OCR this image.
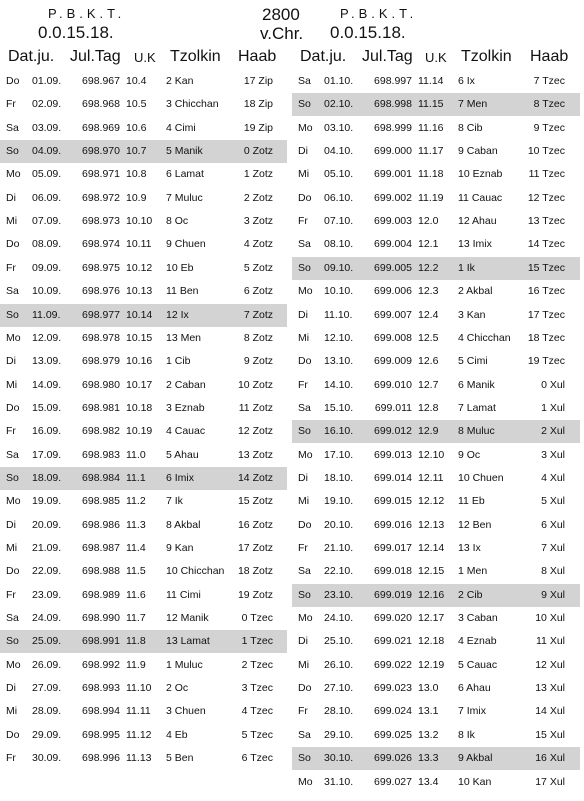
P.B.K.T.
0.0.15.18.
2800
v.Chr.
P.B.K.T.
0.0.15.18.
Dat.ju. Jul.Tag U.K Tzolkin Haab Dat.ju. Jul.Tag U.K Tzolkin Haab
Do	01.09.	698.967 10.4	2 Kan	17 Zip
Fr	02.09.	698.968 10.5	3 Chicchan	18 Zip
Sa	03.09.	698.969 10.6	4 Cimi	19 Zip
So	04.09.	698.970 10.7	5 Manik	0 Zotz
Mo	05.09.	698.971 10.8	6 Lamat	1 Zotz
Di	06.09.	698.972 10.9	7 Muluc	2 Zotz
Mi	07.09.	698.973 10.10	8 Oc	3 Zotz
Do	08.09.	698.974 10.11	9 Chuen	4 Zotz
Fr	09.09.	698.975 10.12	10 Eb	5 Zotz
Sa	10.09.	698.976 10.13	11 Ben	6 Zotz
So	11.09.	698.977 10.14	12 Ix	7 Zotz
Mo	12.09.	698.978 10.15	13 Men	8 Zotz
Di	13.09.	698.979 10.16	1 Cib	9 Zotz
Mi	14.09.	698.980 10.17	2 Caban	10 Zotz
Do	15.09.	698.981 10.18	3 Eznab	11 Zotz
Fr	16.09.	698.982 10.19	4 Cauac	12 Zotz
Sa	17.09.	698.983 11.0	5 Ahau	13 Zotz
So	18.09.	698.984 11.1	6 Imix	14 Zotz
Mo	19.09.	698.985 11.2	7 Ik	15 Zotz
Di	20.09.	698.986 11.3	8 Akbal	16 Zotz
Mi	21.09.	698.987 11.4	9 Kan	17 Zotz
Do	22.09.	698.988 11.5	10 Chicchan	18 Zotz
Fr	23.09.	698.989 11.6	11 Cimi	19 Zotz
Sa	24.09.	698.990 11.7	12 Manik	0 Tzec
So	25.09.	698.991 11.8	13 Lamat	1 Tzec
Mo	26.09.	698.992 11.9	1 Muluc	2 Tzec
Di	27.09.	698.993 11.10	2 Oc	3 Tzec
Mi	28.09.	698.994 11.11	3 Chuen	4 Tzec
Do	29.09.	698.995 11.12	4 Eb	5 Tzec
Fr	30.09.	698.996 11.13	5 Ben	6 Tzec
Sa	01.10.	698.997 11.14	6 Ix	7 Tzec
So	02.10.	698.998 11.15	7 Men	8 Tzec
Mo	03.10.	698.999 11.16	8 Cib	9 Tzec
Di	04.10.	699.000 11.17	9 Caban	10 Tzec
Mi	05.10.	699.001 11.18	10 Eznab	11 Tzec
Do	06.10.	699.002 11.19	11 Cauac	12 Tzec
Fr	07.10.	699.003 12.0	12 Ahau	13 Tzec
Sa	08.10.	699.004 12.1	13 Imix	14 Tzec
So	09.10.	699.005 12.2	1 Ik	15 Tzec
Mo	10.10.	699.006 12.3	2 Akbal	16 Tzec
Di	11.10.	699.007 12.4	3 Kan	17 Tzec
Mi	12.10.	699.008 12.5	4 Chicchan	18 Tzec
Do	13.10.	699.009 12.6	5 Cimi	19 Tzec
Fr	14.10.	699.010 12.7	6 Manik	0 Xul
Sa	15.10.	699.011 12.8	7 Lamat	1 Xul
So	16.10.	699.012 12.9	8 Muluc	2 Xul
Mo	17.10.	699.013 12.10	9 Oc	3 Xul
Di	18.10.	699.014 12.11	10 Chuen	4 Xul
Mi	19.10.	699.015 12.12	11 Eb	5 Xul
Do	20.10.	699.016 12.13	12 Ben	6 Xul
Fr	21.10.	699.017 12.14	13 Ix	7 Xul
Sa	22.10.	699.018 12.15	1 Men	8 Xul
So	23.10.	699.019 12.16	2 Cib	9 Xul
Mo	24.10.	699.020 12.17	3 Caban	10 Xul
Di	25.10.	699.021 12.18	4 Eznab	11 Xul
Mi	26.10.	699.022 12.19	5 Cauac	12 Xul
Do	27.10.	699.023 13.0	6 Ahau	13 Xul
Fr	28.10.	699.024 13.1	7 Imix	14 Xul
Sa	29.10.	699.025 13.2	8 Ik	15 Xul
So	30.10.	699.026 13.3	9 Akbal	16 Xul
Mo	31.10.	699.027 13.4	10 Kan	17 Xul
